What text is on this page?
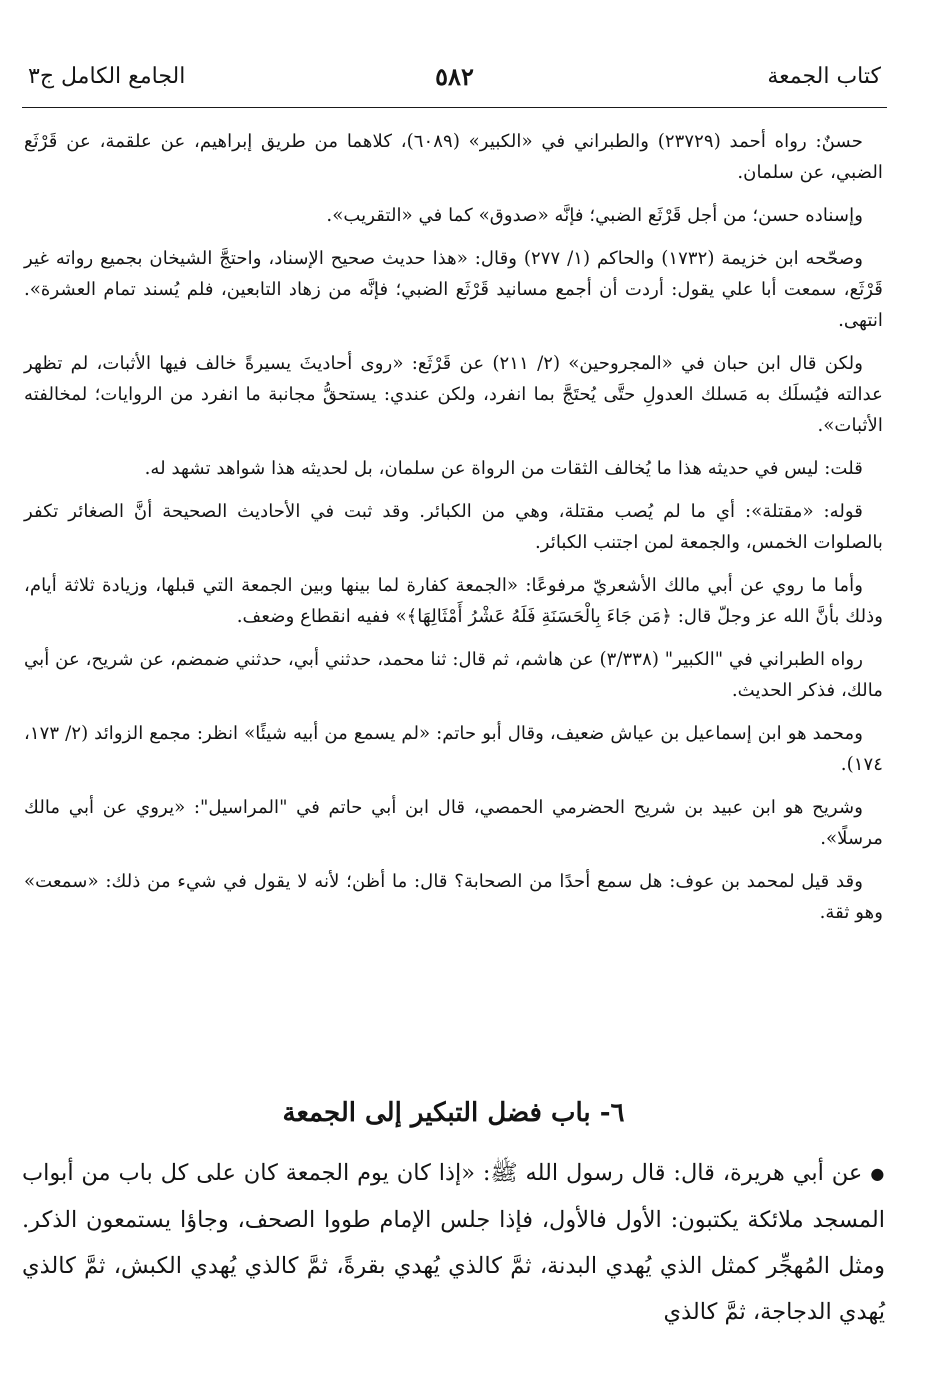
كتاب الجمعة
٥٨٢
الجامع الكامل ج٣

حسنٌ: رواه أحمد (٢٣٧٢٩) والطبراني في «الكبير» (٦٠٨٩)، كلاهما من طريق إبراهيم، عن علقمة، عن قَرْثَع الضبي، عن سلمان.

وإسناده حسن؛ من أجل قَرْثَع الضبي؛ فإنَّه «صدوق» كما في «التقريب».

وصحّحه ابن خزيمة (١٧٣٢) والحاكم (١/ ٢٧٧) وقال: «هذا حديث صحيح الإسناد، واحتجَّ الشيخان بجميع رواته غير قَرْثَع، سمعت أبا علي يقول: أردت أن أجمع مسانيد قَرْثَع الضبي؛ فإنَّه من زهاد التابعين، فلم يُسند تمام العشرة». انتهى.

ولكن قال ابن حبان في «المجروحين» (٢/ ٢١١) عن قَرْثَع: «روى أحاديثَ يسيرةً خالف فيها الأثبات، لم تظهر عدالته فيُسلَك به مَسلك العدولِ حتَّى يُحتَجَّ بما انفرد، ولكن عندي: يستحقُّ مجانبة ما انفرد من الروايات؛ لمخالفته الأثبات».

قلت: ليس في حديثه هذا ما يُخالف الثقات من الرواة عن سلمان، بل لحديثه هذا شواهد تشهد له.

قوله: «مقتلة»: أي ما لم يُصب مقتلة، وهي من الكبائر. وقد ثبت في الأحاديث الصحيحة أنَّ الصغائر تكفر بالصلوات الخمس، والجمعة لمن اجتنب الكبائر.

وأما ما روي عن أبي مالك الأشعريّ مرفوعًا: «الجمعة كفارة لما بينها وبين الجمعة التي قبلها، وزيادة ثلاثة أيام، وذلك بأنَّ الله عز وجلّ قال: ﴿مَن جَاءَ بِالْحَسَنَةِ فَلَهُ عَشْرُ أَمْثَالِهَا﴾» ففيه انقطاع وضعف.

رواه الطبراني في "الكبير" (٣/٣٣٨) عن هاشم، ثم قال: ثنا محمد، حدثني أبي، حدثني ضمضم، عن شريح، عن أبي مالك، فذكر الحديث.

ومحمد هو ابن إسماعيل بن عياش ضعيف، وقال أبو حاتم: «لم يسمع من أبيه شيئًا» انظر: مجمع الزوائد (٢/ ١٧٣، ١٧٤).

وشريح هو ابن عبيد بن شريح الحضرمي الحمصي، قال ابن أبي حاتم في "المراسيل": «يروي عن أبي مالك مرسلًا».

وقد قيل لمحمد بن عوف: هل سمع أحدًا من الصحابة؟ قال: ما أظن؛ لأنه لا يقول في شيء من ذلك: «سمعت» وهو ثقة.

٦- باب فضل التبكير إلى الجمعة

●عن أبي هريرة، قال: قال رسول الله ﷺ: «إذا كان يوم الجمعة كان على كل باب من أبواب المسجد ملائكة يكتبون: الأول فالأول، فإذا جلس الإمام طووا الصحف، وجاؤا يستمعون الذكر. ومثل المُهجِّر كمثل الذي يُهدي البدنة، ثمَّ كالذي يُهدي بقرةً، ثمَّ كالذي يُهدي الكبش، ثمَّ كالذي يُهدي الدجاجة، ثمَّ كالذي
